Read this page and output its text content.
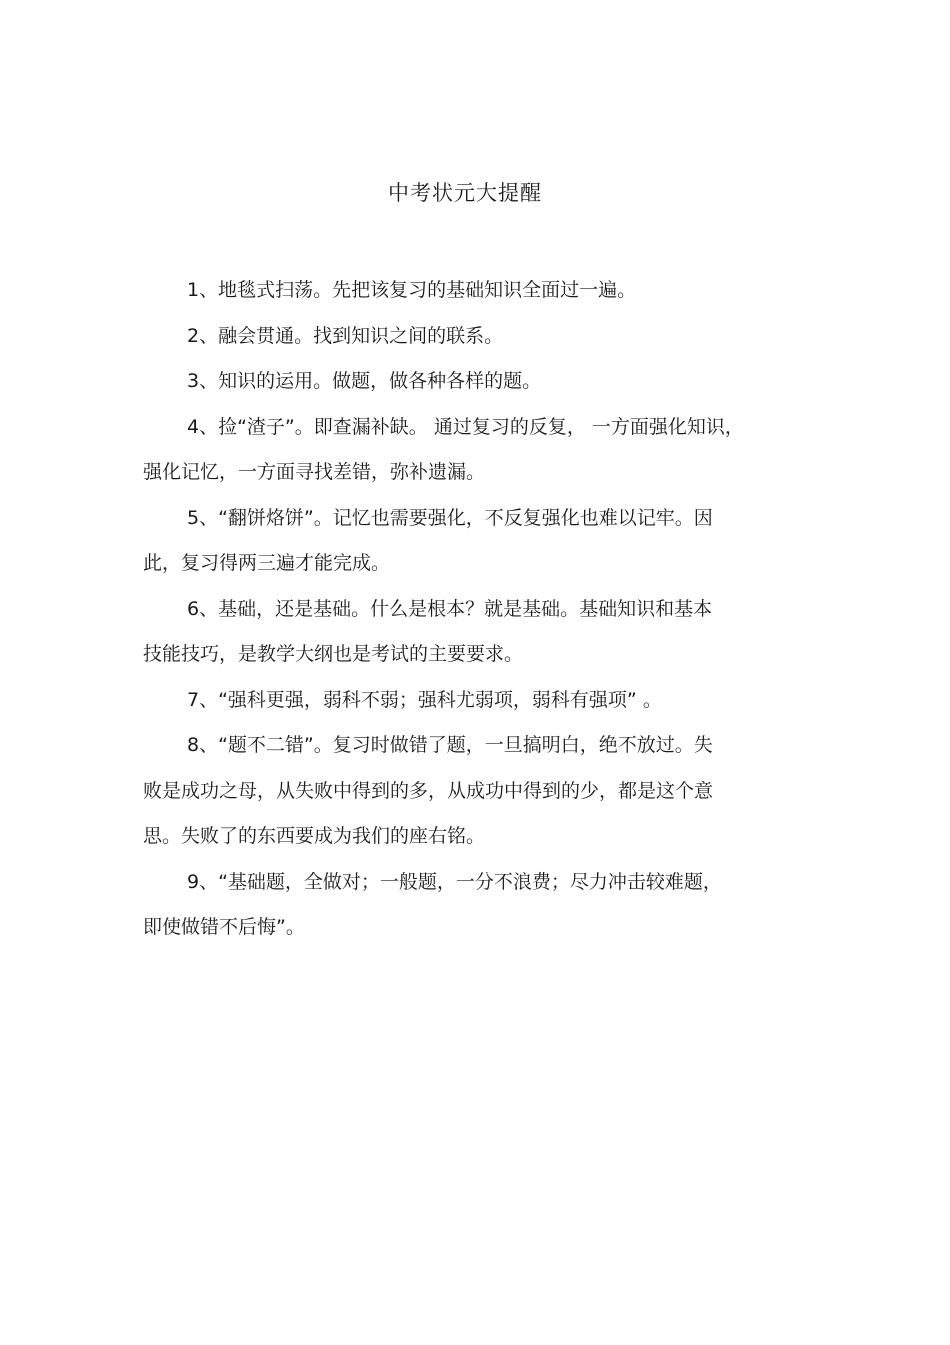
中考状元大提醒
1、地毯式扫荡。先把该复习的基础知识全面过一遍。
2、融会贯通。找到知识之间的联系。
3、知识的运用。做题，做各种各样的题。
4、捡“渣子”。即查漏补缺。 通过复习的反复， 一方面强化知识，
强化记忆，一方面寻找差错，弥补遗漏。
5、“翻饼烙饼”。记忆也需要强化，不反复强化也难以记牢。因
此，复习得两三遍才能完成。
6、基础，还是基础。什么是根本？就是基础。基础知识和基本
技能技巧，是教学大纲也是考试的主要要求。
7、“强科更强，弱科不弱；强科尤弱项，弱科有强项” 。
8、“题不二错”。复习时做错了题，一旦搞明白，绝不放过。失
败是成功之母，从失败中得到的多，从成功中得到的少，都是这个意
思。失败了的东西要成为我们的座右铭。
9、“基础题，全做对；一般题，一分不浪费；尽力冲击较难题，
即使做错不后悔”。
